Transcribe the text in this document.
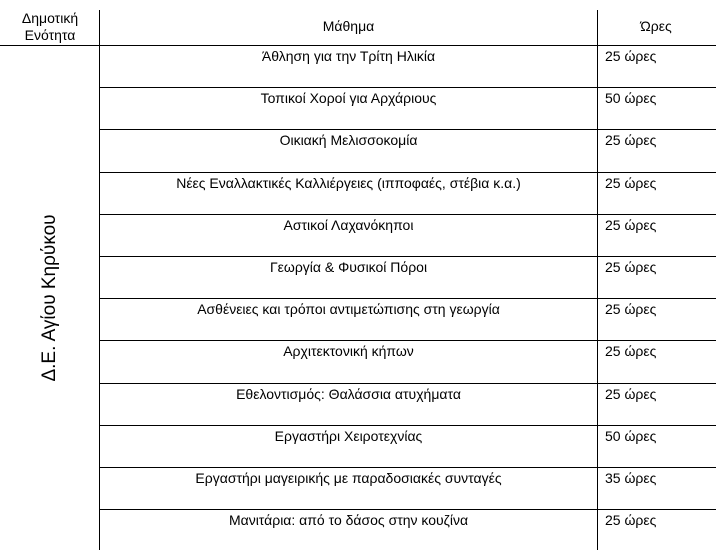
Δημοτική
Ενότητα
Μάθημα	Ώρες
Δ.Ε. Αγίου Κηρύκου
Άθληση για την Τρίτη Ηλικία	25 ώρες
Τοπικοί Χοροί για Αρχάριους	50 ώρες
Οικιακή Μελισσοκομία	25 ώρες
Νέες Εναλλακτικές Καλλιέργειες (ιπποφαές, στέβια κ.α.)	25 ώρες
Αστικοί Λαχανόκηποι	25 ώρες
Γεωργία & Φυσικοί Πόροι	25 ώρες
Ασθένειες και τρόποι αντιμετώπισης στη γεωργία	25 ώρες
Αρχιτεκτονική κήπων	25 ώρες
Εθελοντισμός: Θαλάσσια ατυχήματα	25 ώρες
Εργαστήρι Χειροτεχνίας	50 ώρες
Εργαστήρι μαγειρικής με παραδοσιακές συνταγές	35 ώρες
Μανιτάρια: από το δάσος στην κουζίνα	25 ώρες
